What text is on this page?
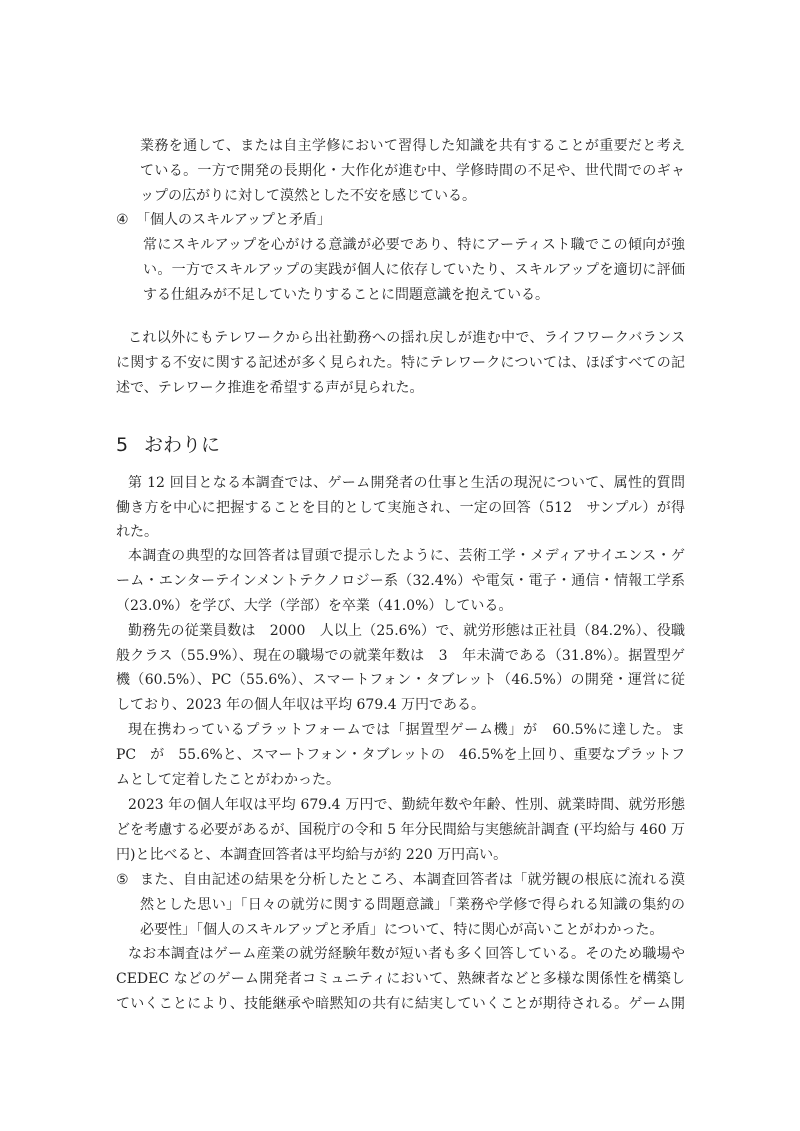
業務を通して、または自主学修において習得した知識を共有することが重要だと考え
ている。一方で開発の長期化・大作化が進む中、学修時間の不足や、世代間でのギャ
ップの広がりに対して漠然とした不安を感じている。
④ 「個人のスキルアップと矛盾」
常にスキルアップを心がける意識が必要であり、特にアーティスト職でこの傾向が強
い。一方でスキルアップの実践が個人に依存していたり、スキルアップを適切に評価
する仕組みが不足していたりすることに問題意識を抱えている。
これ以外にもテレワークから出社勤務への揺れ戻しが進む中で、ライフワークバランス
に関する不安に関する記述が多く見られた。特にテレワークについては、ほぼすべての記
述で、テレワーク推進を希望する声が見られた。
5 おわりに
第 12 回目となる本調査では、ゲーム開発者の仕事と生活の現況について、属性的質問
働き方を中心に把握することを目的として実施され、一定の回答（512　サンプル）が得
れた。
本調査の典型的な回答者は冒頭で提示したように、芸術工学・メディアサイエンス・ゲ
ーム・エンターテインメントテクノロジー系（32.4%）や電気・電子・通信・情報工学系
（23.0%）を学び、大学（学部）を卒業（41.0%）している。
勤務先の従業員数は　2000　人以上（25.6%）で、就労形態は正社員（84.2%）、役職
般クラス（55.9%）、現在の職場での就業年数は　3　年未満である（31.8%）。据置型ゲ
機（60.5%）、PC（55.6%）、スマートフォン・タブレット（46.5%）の開発・運営に従
しており、2023 年の個人年収は平均 679.4 万円である。
現在携わっているプラットフォームでは「据置型ゲーム機」が　60.5%に達した。ま
PC　が　55.6%と、スマートフォン・タブレットの　46.5%を上回り、重要なプラットフ
ムとして定着したことがわかった。
2023 年の個人年収は平均 679.4 万円で、勤続年数や年齢、性別、就業時間、就労形態
どを考慮する必要があるが、国税庁の令和 5 年分民間給与実態統計調査 (平均給与 460 万
円)と比べると、本調査回答者は平均給与が約 220 万円高い。
⑤ また、自由記述の結果を分析したところ、本調査回答者は「就労観の根底に流れる漠
然とした思い」「日々の就労に関する問題意識」「業務や学修で得られる知識の集約の
必要性」「個人のスキルアップと矛盾」について、特に関心が高いことがわかった。
なお本調査はゲーム産業の就労経験年数が短い者も多く回答している。そのため職場や
CEDEC などのゲーム開発者コミュニティにおいて、熟練者などと多様な関係性を構築し
ていくことにより、技能継承や暗黙知の共有に結実していくことが期待される。ゲーム開
